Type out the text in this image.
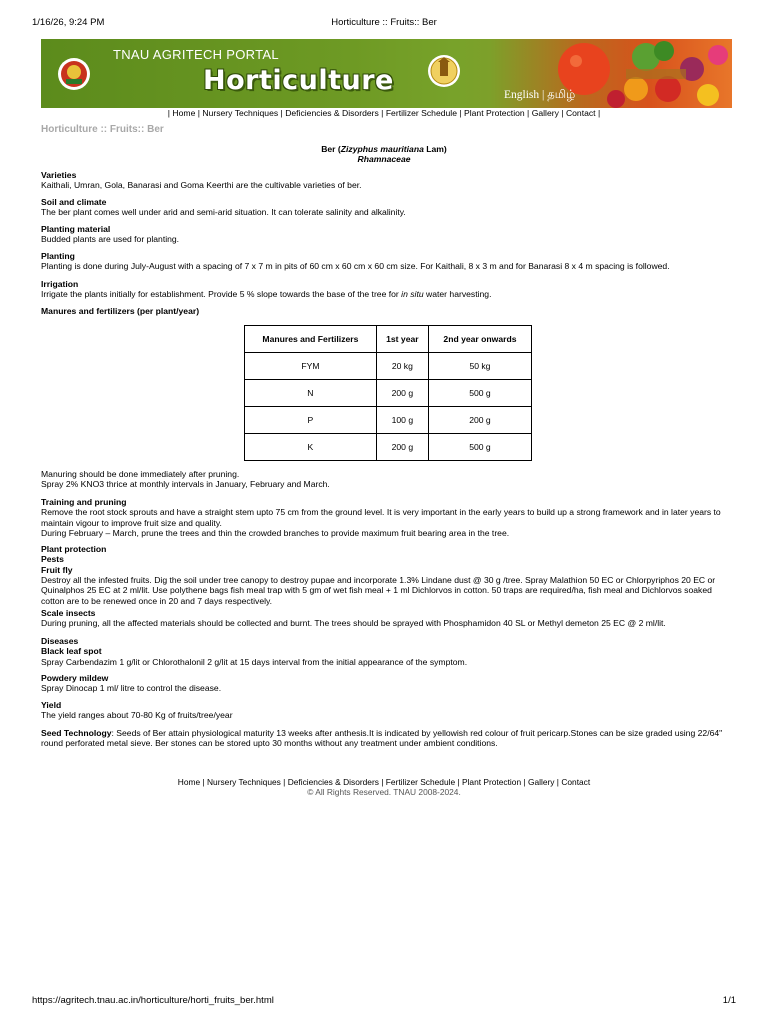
1/16/26, 9:24 PM	Horticulture :: Fruits:: Ber
TNAU AGRITECH PORTAL
Horticulture	English | தமிழ்
| Home | Nursery Techniques | Deficiencies & Disorders | Fertilizer Schedule | Plant Protection | Gallery | Contact |
Horticulture :: Fruits:: Ber
Ber (Zizyphus mauritiana Lam)
Rhamnaceae
Varieties

Kaithali, Umran, Gola, Banarasi and Goma Keerthi are the cultivable varieties of ber.

Soil and climate

The ber plant comes well under arid and semi-arid situation. It can tolerate salinity and alkalinity.

Planting material

Budded plants are used for planting.

Planting

Planting is done during July-August with a spacing of 7 x 7 m in pits of 60 cm x 60 cm x 60 cm size. For Kaithali, 8 x 3 m and for Banarasi 8 x 4 m spacing is followed.

Irrigation

Irrigate the plants initially for establishment. Provide 5 % slope towards the base of the tree for in situ water harvesting.

Manures and fertilizers (per plant/year)
Manures and Fertilizers	1st year	2nd year onwards
FYM	20 kg	50 kg
N	200 g	500 g
P	100 g	200 g
K	200 g	500 g

Manuring should be done immediately after pruning.

Spray 2% KNO3 thrice at monthly intervals in January, February and March.

Training and pruning

Remove the root stock sprouts and have a straight stem upto 75 cm from the ground level. It is very important in the early years to build up a strong framework and in later years to maintain vigour to improve fruit size and quality.

During February – March, prune the trees and thin the crowded branches to provide maximum fruit bearing area in the tree.

Plant protection
Pests
Fruit fly

Destroy all the infested fruits. Dig the soil under tree canopy to destroy pupae and incorporate 1.3% Lindane dust @ 30 g /tree. Spray Malathion 50 EC or Chlorpyriphos 20 EC or Quinalphos 25 EC at 2 ml/lit. Use polythene bags fish meal trap with 5 gm of wet fish meal + 1 ml Dichlorvos in cotton. 50 traps are required/ha, fish meal and Dichlorvos soaked cotton are to be renewed once in 20 and 7 days respectively.

Scale insects

During pruning, all the affected materials should be collected and burnt. The trees should be sprayed with Phosphamidon 40 SL or Methyl demeton 25 EC @ 2 ml/lit.

Diseases
Black leaf spot

Spray Carbendazim 1 g/lit or Chlorothalonil 2 g/lit at 15 days interval from the initial appearance of the symptom.

Powdery mildew

Spray Dinocap 1 ml/ litre to control the disease.

Yield

The yield ranges about 70-80 Kg of fruits/tree/year

Seed Technology: Seeds of Ber attain physiological maturity 13 weeks after anthesis.It is indicated by yellowish red colour of fruit pericarp.Stones can be size graded using 22/64" round perforated metal sieve. Ber stones can be stored upto 30 months without any treatment under ambient conditions.

Home | Nursery Techniques | Deficiencies & Disorders | Fertilizer Schedule | Plant Protection | Gallery | Contact
© All Rights Reserved. TNAU 2008-2024.
https://agritech.tnau.ac.in/horticulture/horti_fruits_ber.html	1/1
